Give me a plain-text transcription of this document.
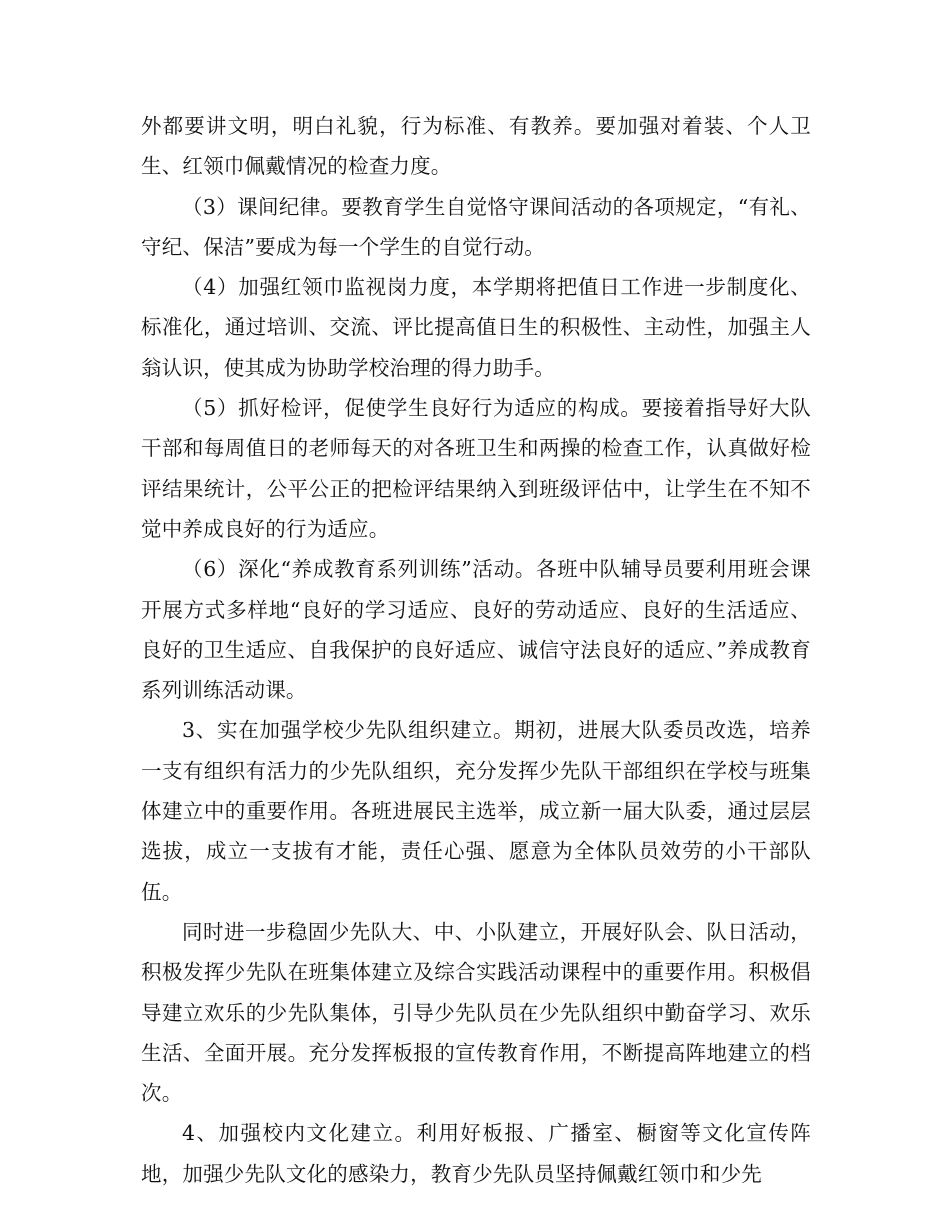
外都要讲文明，明白礼貌，行为标准、有教养。要加强对着装、个人卫生、红领巾佩戴情况的检查力度。

（3）课间纪律。要教育学生自觉恪守课间活动的各项规定，“有礼、守纪、保洁”要成为每一个学生的自觉行动。

（4）加强红领巾监视岗力度，本学期将把值日工作进一步制度化、标准化，通过培训、交流、评比提高值日生的积极性、主动性，加强主人翁认识，使其成为协助学校治理的得力助手。

（5）抓好检评，促使学生良好行为适应的构成。要接着指导好大队干部和每周值日的老师每天的对各班卫生和两操的检查工作，认真做好检评结果统计，公平公正的把检评结果纳入到班级评估中，让学生在不知不觉中养成良好的行为适应。

（6）深化“养成教育系列训练”活动。各班中队辅导员要利用班会课开展方式多样地“良好的学习适应、良好的劳动适应、良好的生活适应、良好的卫生适应、自我保护的良好适应、诚信守法良好的适应、”养成教育系列训练活动课。

3、实在加强学校少先队组织建立。期初，进展大队委员改选，培养一支有组织有活力的少先队组织，充分发挥少先队干部组织在学校与班集体建立中的重要作用。各班进展民主选举，成立新一届大队委，通过层层选拔，成立一支拔有才能，责任心强、愿意为全体队员效劳的小干部队伍。

同时进一步稳固少先队大、中、小队建立，开展好队会、队日活动，积极发挥少先队在班集体建立及综合实践活动课程中的重要作用。积极倡导建立欢乐的少先队集体，引导少先队员在少先队组织中勤奋学习、欢乐生活、全面开展。充分发挥板报的宣传教育作用，不断提高阵地建立的档次。

4、加强校内文化建立。利用好板报、广播室、橱窗等文化宣传阵地，加强少先队文化的感染力，教育少先队员坚持佩戴红领巾和少先
